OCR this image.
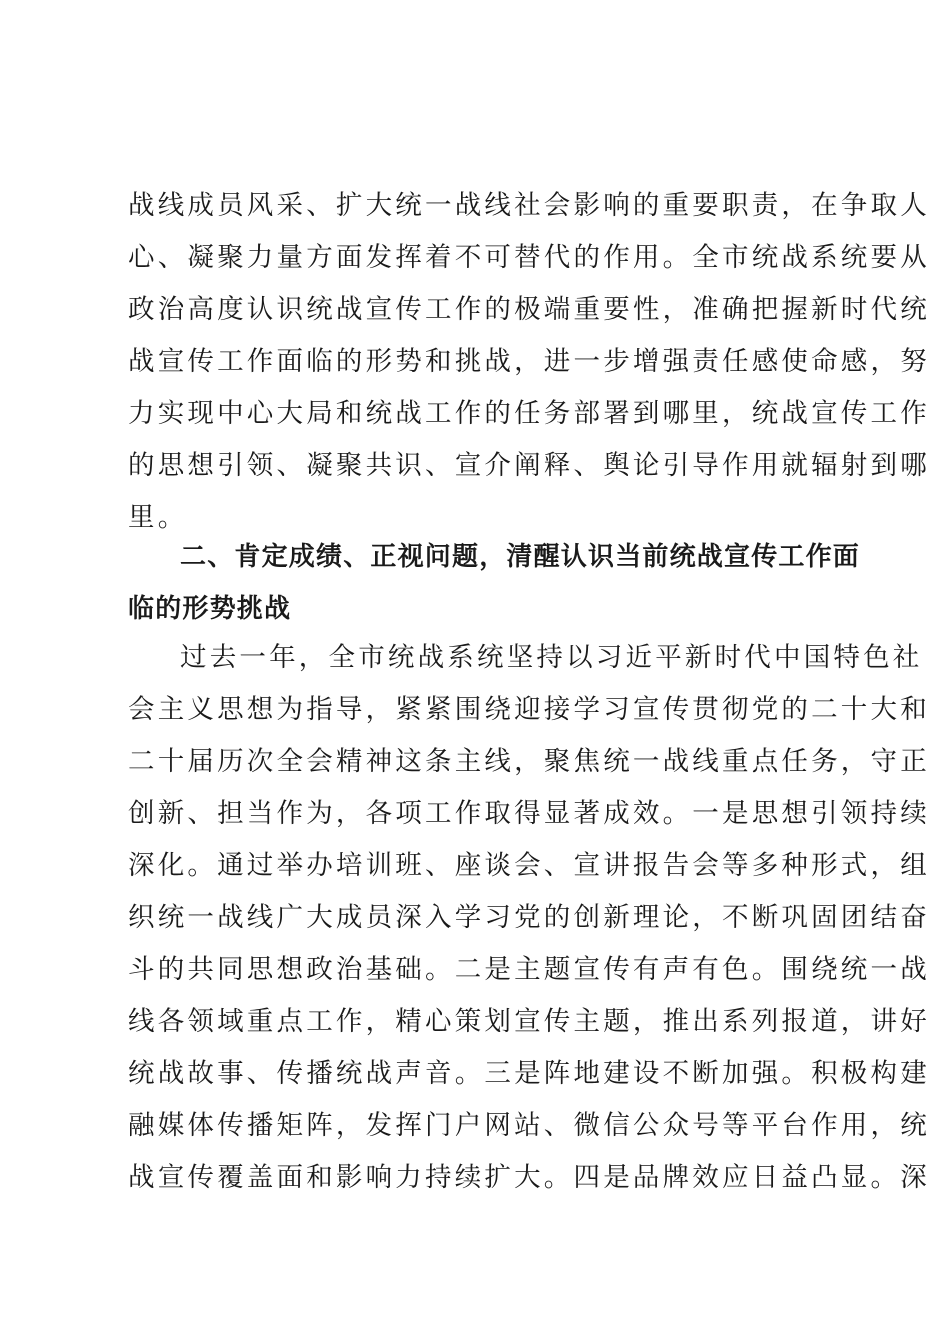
战线成员风采、扩大统一战线社会影响的重要职责，在争取人
心、凝聚力量方面发挥着不可替代的作用。全市统战系统要从
政治高度认识统战宣传工作的极端重要性，准确把握新时代统
战宣传工作面临的形势和挑战，进一步增强责任感使命感，努
力实现中心大局和统战工作的任务部署到哪里，统战宣传工作
的思想引领、凝聚共识、宣介阐释、舆论引导作用就辐射到哪
里。
二、肯定成绩、正视问题，清醒认识当前统战宣传工作面
临的形势挑战
过去一年，全市统战系统坚持以习近平新时代中国特色社
会主义思想为指导，紧紧围绕迎接学习宣传贯彻党的二十大和
二十届历次全会精神这条主线，聚焦统一战线重点任务，守正
创新、担当作为，各项工作取得显著成效。一是思想引领持续
深化。通过举办培训班、座谈会、宣讲报告会等多种形式，组
织统一战线广大成员深入学习党的创新理论，不断巩固团结奋
斗的共同思想政治基础。二是主题宣传有声有色。围绕统一战
线各领域重点工作，精心策划宣传主题，推出系列报道，讲好
统战故事、传播统战声音。三是阵地建设不断加强。积极构建
融媒体传播矩阵，发挥门户网站、微信公众号等平台作用，统
战宣传覆盖面和影响力持续扩大。四是品牌效应日益凸显。深
